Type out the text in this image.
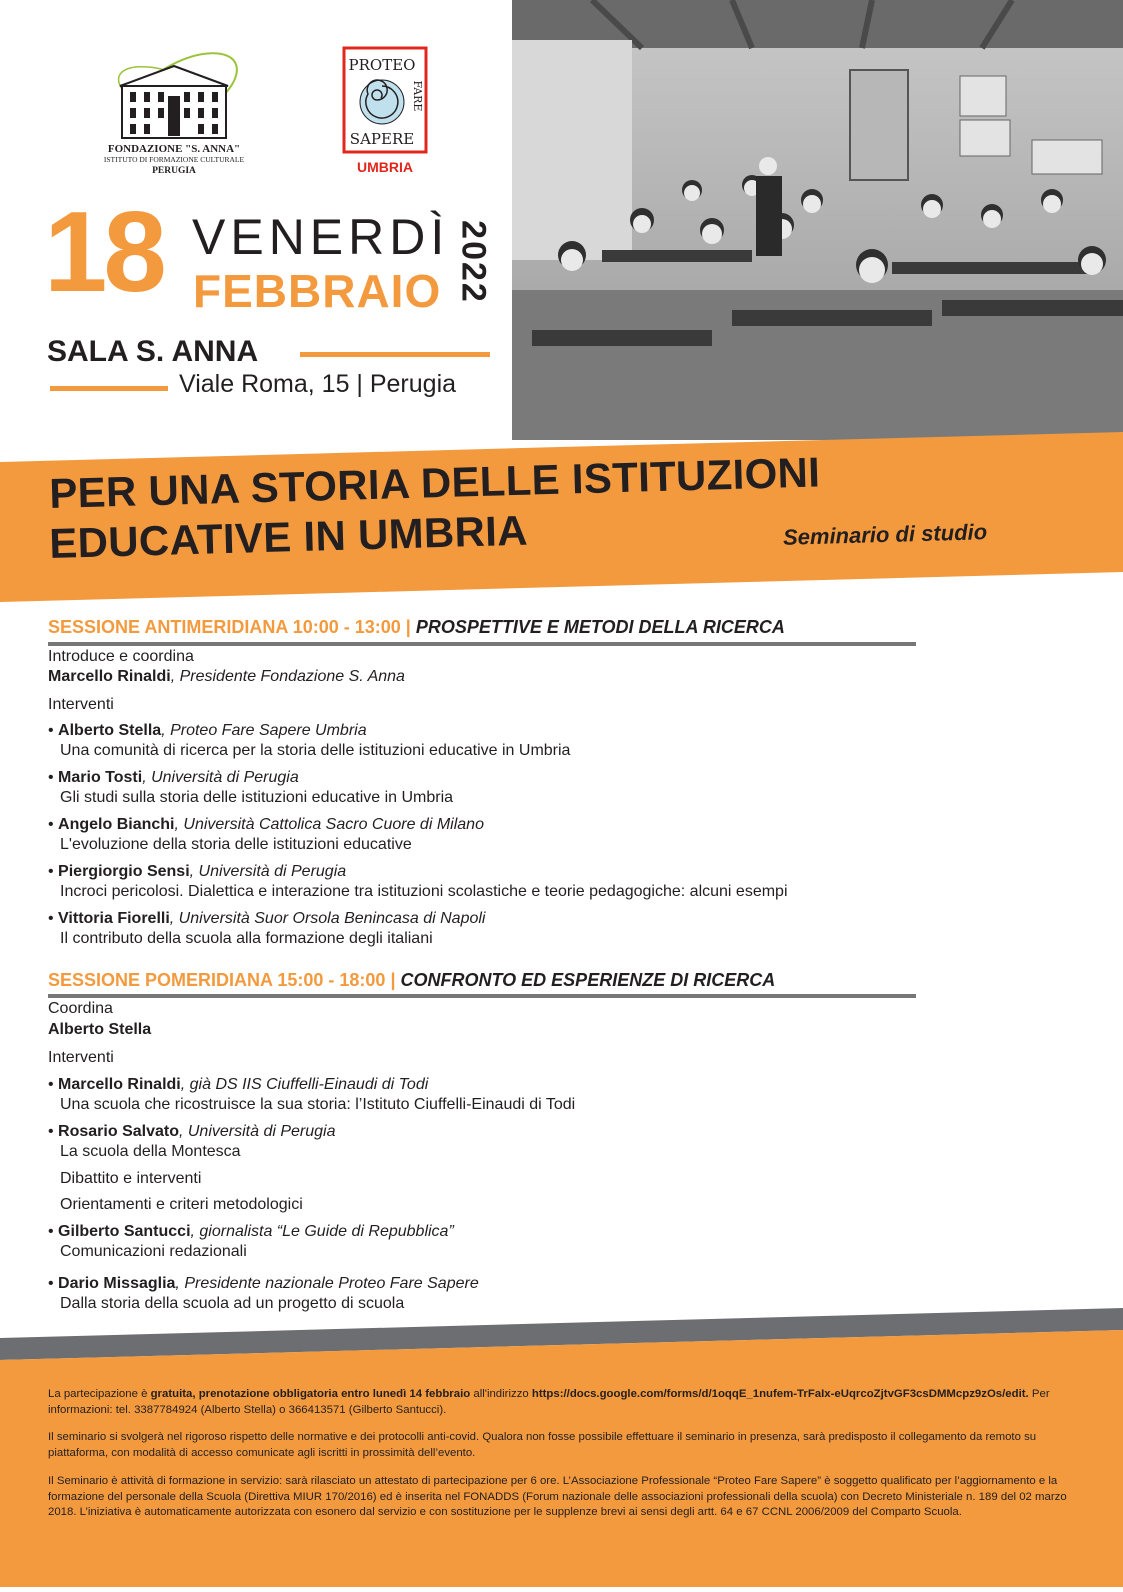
FONDAZIONE "S. ANNA"
ISTITUTO DI FORMAZIONE CULTURALE
PERUGIA
PROTEO
FARE
SAPERE
UMBRIA
18 VENERDÌ
FEBBRAIO 2022
SALA S. ANNA
Viale Roma, 15 | Perugia
PER UNA STORIA DELLE ISTITUZIONI
EDUCATIVE IN UMBRIA	Seminario di studio
SESSIONE ANTIMERIDIANA 10:00 - 13:00 | PROSPETTIVE E METODI DELLA RICERCA
Introduce e coordina
Marcello Rinaldi, Presidente Fondazione S. Anna
Interventi
• Alberto Stella, Proteo Fare Sapere Umbria
Una comunità di ricerca per la storia delle istituzioni educative in Umbria
• Mario Tosti, Università di Perugia
Gli studi sulla storia delle istituzioni educative in Umbria
• Angelo Bianchi, Università Cattolica Sacro Cuore di Milano
L'evoluzione della storia delle istituzioni educative
• Piergiorgio Sensi, Università di Perugia
Incroci pericolosi. Dialettica e interazione tra istituzioni scolastiche e teorie pedagogiche: alcuni esempi
• Vittoria Fiorelli, Università Suor Orsola Benincasa di Napoli
Il contributo della scuola alla formazione degli italiani
SESSIONE POMERIDIANA 15:00 - 18:00 | CONFRONTO ED ESPERIENZE DI RICERCA
Coordina
Alberto Stella
Interventi
• Marcello Rinaldi, già DS IIS Ciuffelli-Einaudi di Todi
Una scuola che ricostruisce la sua storia: l’Istituto Ciuffelli-Einaudi di Todi
• Rosario Salvato, Università di Perugia
La scuola della Montesca
Dibattito e interventi
Orientamenti e criteri metodologici
• Gilberto Santucci, giornalista “Le Guide di Repubblica”
Comunicazioni redazionali
• Dario Missaglia, Presidente nazionale Proteo Fare Sapere
Dalla storia della scuola ad un progetto di scuola
La partecipazione è gratuita, prenotazione obbligatoria entro lunedì 14 febbraio all'indirizzo https://docs.google.com/forms/d/1oqqE_1nufem-TrFaIx-eUqrcoZjtvGF3csDMMcpz9zOs/edit. Per informazioni: tel. 3387784924 (Alberto Stella) o 366413571 (Gilberto Santucci).
Il seminario si svolgerà nel rigoroso rispetto delle normative e dei protocolli anti-covid. Qualora non fosse possibile effettuare il seminario in presenza, sarà predisposto il collegamento da remoto su piattaforma, con modalità di accesso comunicate agli iscritti in prossimità dell’evento.
Il Seminario è attività di formazione in servizio: sarà rilasciato un attestato di partecipazione per 6 ore. L’Associazione Professionale “Proteo Fare Sapere” è soggetto qualificato per l’aggiornamento e la formazione del personale della Scuola (Direttiva MIUR 170/2016) ed è inserita nel FONADDS (Forum nazionale delle associazioni professionali della scuola) con Decreto Ministeriale n. 189 del 02 marzo 2018. L’iniziativa è automaticamente autorizzata con esonero dal servizio e con sostituzione per le supplenze brevi ai sensi degli artt. 64 e 67 CCNL 2006/2009 del Comparto Scuola.
